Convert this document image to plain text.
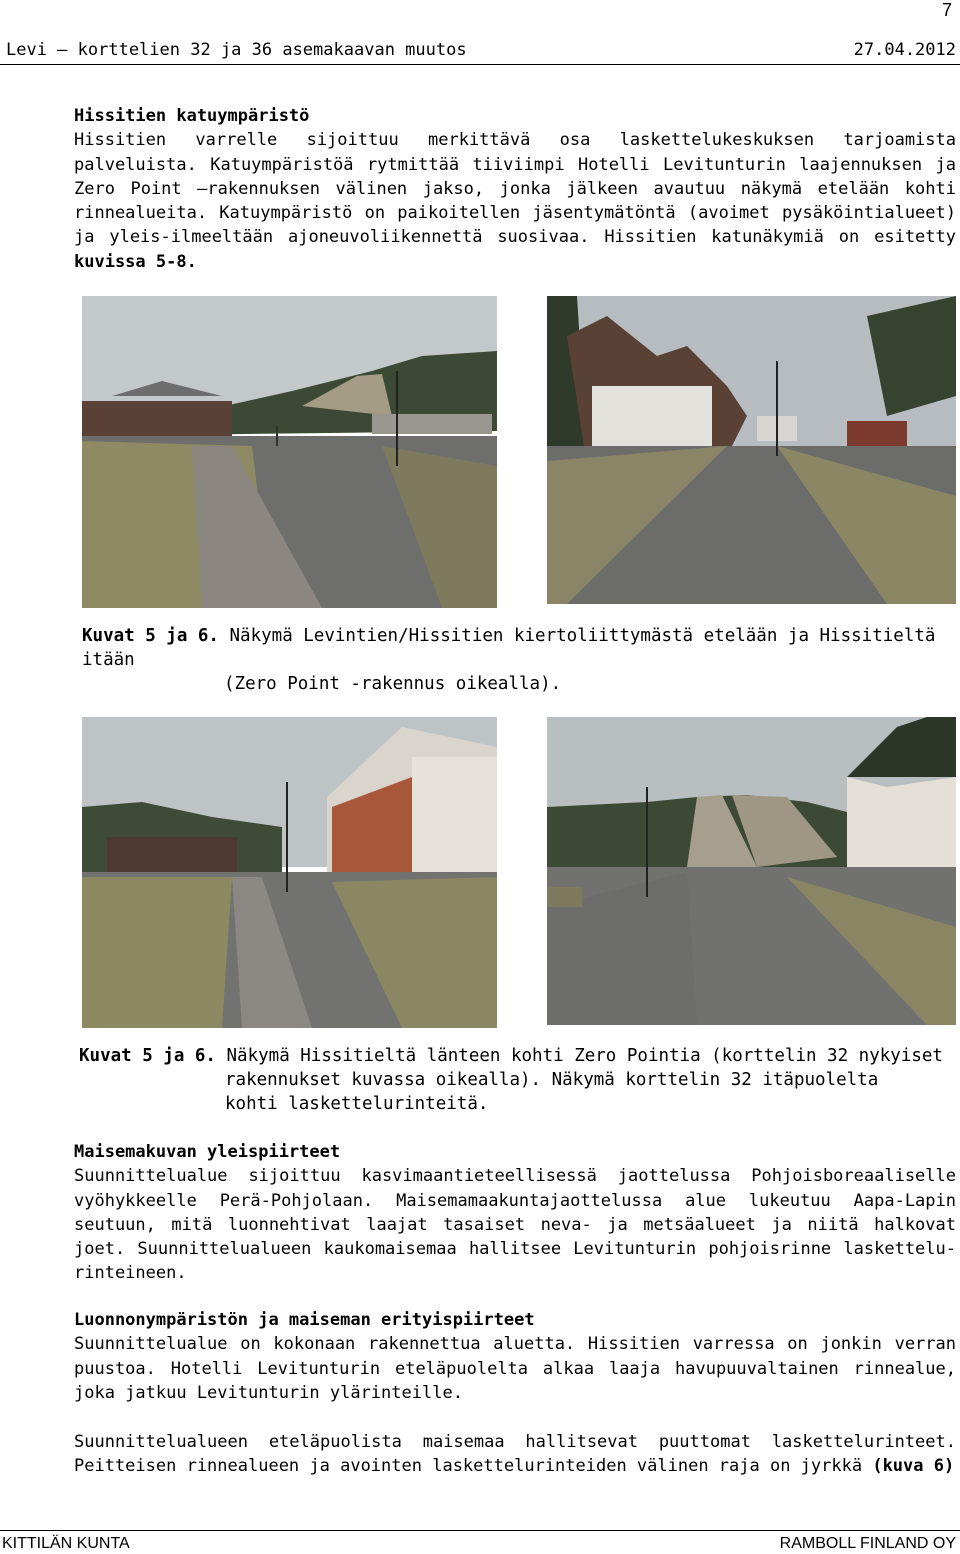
7
Levi – korttelien 32 ja 36 asemakaavan muutos	27.04.2012
Hissitien katuympäristö
Hissitien varrelle sijoittuu merkittävä osa laskettelukeskuksen tarjoamista palveluista. Katuympäristöä rytmittää tiiviimpi Hotelli Levitunturin laajennuksen ja Zero Point –rakennuksen välinen jakso, jonka jälkeen avautuu näkymä etelään kohti rinnealueita. Katuympäristö on paikoitellen jäsentymätöntä (avoimet pysäköintialueet) ja yleis-ilmeeltään ajoneuvoliikennettä suosivaa. Hissitien katunäkymiä on esitetty kuvissa 5-8.
Kuvat 5 ja 6. Näkymä Levintien/Hissitien kiertoliittymästä etelään ja Hissitieltä itään
(Zero Point -rakennus oikealla).
Kuvat 5 ja 6. Näkymä Hissitieltä länteen kohti Zero Pointia (korttelin 32 nykyiset
rakennukset kuvassa oikealla). Näkymä korttelin 32 itäpuolelta
kohti laskettelurinteitä.
Maisemakuvan yleispiirteet
Suunnittelualue sijoittuu kasvimaantieteellisessä jaottelussa Pohjoisboreaaliselle vyöhykkeelle Perä-Pohjolaan. Maisemamaakuntajaottelussa alue lukeutuu Aapa-Lapin seutuun, mitä luonnehtivat laajat tasaiset neva- ja metsäalueet ja niitä halkovat joet. Suunnittelualueen kaukomaisemaa hallitsee Levitunturin pohjoisrinne laskettelu-rinteineen.
Luonnonympäristön ja maiseman erityispiirteet
Suunnittelualue on kokonaan rakennettua aluetta. Hissitien varressa on jonkin verran puustoa. Hotelli Levitunturin eteläpuolelta alkaa laaja havupuuvaltainen rinnealue, joka jatkuu Levitunturin ylärinteille.
Suunnittelualueen eteläpuolista maisemaa hallitsevat puuttomat laskettelurinteet. Peitteisen rinnealueen ja avointen laskettelurinteiden välinen raja on jyrkkä (kuva 6)
KITTILÄN KUNTA	RAMBOLL FINLAND OY
